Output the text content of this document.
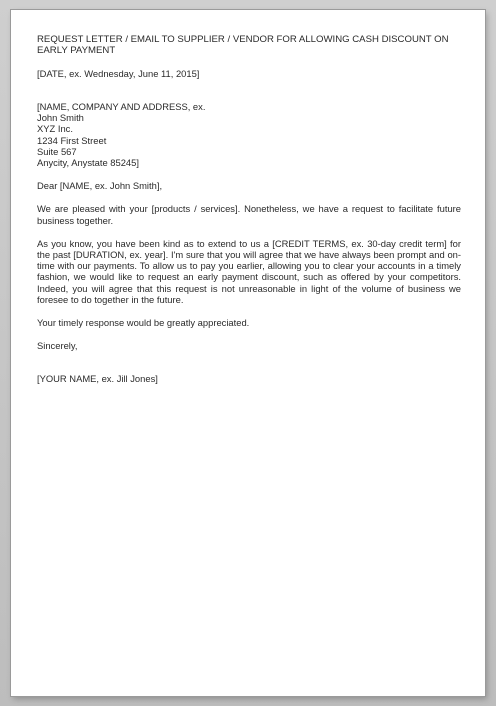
REQUEST LETTER / EMAIL TO SUPPLIER / VENDOR FOR ALLOWING CASH DISCOUNT ON
EARLY PAYMENT
[DATE, ex. Wednesday, June 11, 2015]
[NAME, COMPANY AND ADDRESS, ex.
John Smith
XYZ Inc.
1234 First Street
Suite 567
Anycity, Anystate 85245]
Dear [NAME, ex. John Smith],

We are pleased with your [products / services]. Nonetheless, we have a request to facilitate future business together.

As you know, you have been kind as to extend to us a [CREDIT TERMS, ex. 30-day credit term] for the past [DURATION, ex. year]. I'm sure that you will agree that we have always been prompt and on-time with our payments. To allow us to pay you earlier, allowing you to clear your accounts in a timely fashion, we would like to request an early payment discount, such as offered by your competitors. Indeed, you will agree that this request is not unreasonable in light of the volume of business we foresee to do together in the future.

Your timely response would be greatly appreciated.

Sincerely,
[YOUR NAME, ex. Jill Jones]
